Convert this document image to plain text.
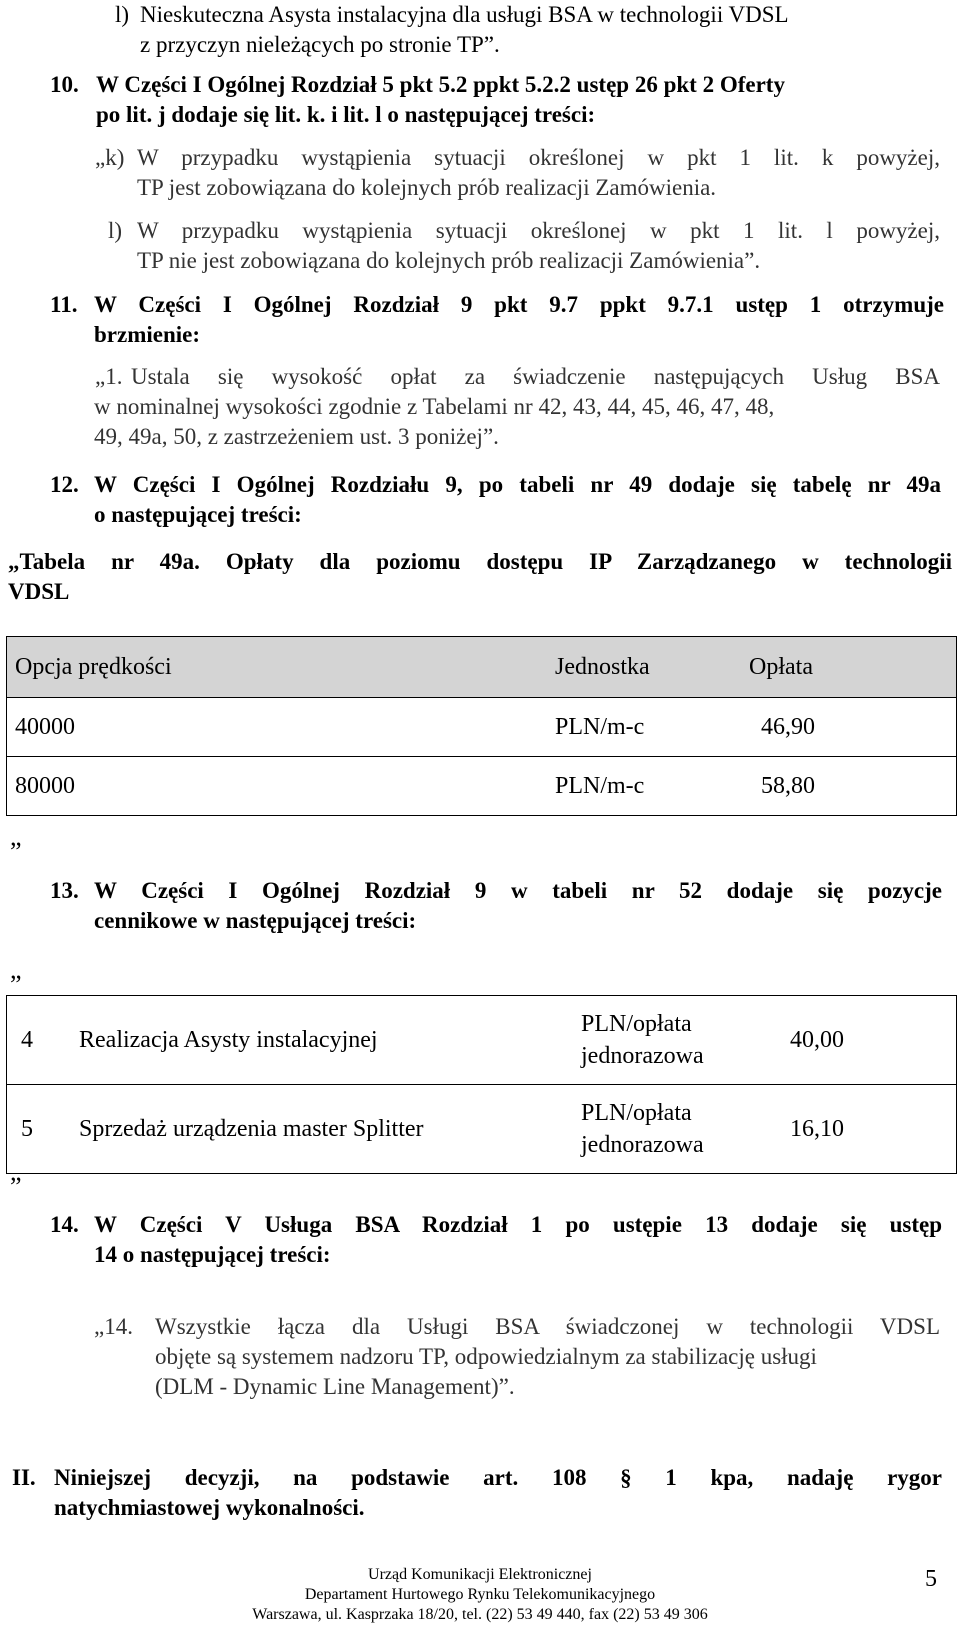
l) Nieskuteczna Asysta instalacyjna dla usługi BSA w technologii VDSL
z przyczyn nieleżących po stronie TP”.
10. W Części I Ogólnej Rozdział 5 pkt 5.2 ppkt 5.2.2 ustęp 26 pkt 2 Oferty
po lit. j dodaje się lit. k. i lit. l o następującej treści:
„k) W przypadku wystąpienia sytuacji określonej w pkt 1 lit. k powyżej,
TP jest zobowiązana do kolejnych prób realizacji Zamówienia.
l) W przypadku wystąpienia sytuacji określonej w pkt 1 lit. l powyżej,
TP nie jest zobowiązana do kolejnych prób realizacji Zamówienia”.
11. W Części I Ogólnej Rozdział 9 pkt 9.7 ppkt 9.7.1 ustęp 1 otrzymuje
brzmienie:
„1. Ustala się wysokość opłat za świadczenie następujących Usług BSA
w nominalnej wysokości zgodnie z Tabelami nr 42, 43, 44, 45, 46, 47, 48,
49, 49a, 50, z zastrzeżeniem ust. 3 poniżej”.
12. W Części I Ogólnej Rozdziału 9, po tabeli nr 49 dodaje się tabelę nr 49a
o następującej treści:
„Tabela nr 49a. Opłaty dla poziomu dostępu IP Zarządzanego w technologii
VDSL
Opcja prędkości	Jednostka	Opłata
40000	PLN/m-c	46,90
80000	PLN/m-c	58,80
”
13. W Części I Ogólnej Rozdział 9 w tabeli nr 52 dodaje się pozycje
cennikowe w następującej treści:
„
4	Realizacja Asysty instalacyjnej	PLN/opłata jednorazowa	40,00
5	Sprzedaż urządzenia master Splitter	PLN/opłata jednorazowa	16,10
”
14. W Części V Usługa BSA Rozdział 1 po ustępie 13 dodaje się ustęp
14 o następującej treści:
„14. Wszystkie łącza dla Usługi BSA świadczonej w technologii VDSL
objęte są systemem nadzoru TP, odpowiedzialnym za stabilizację usługi
(DLM - Dynamic Line Management)”.
II. Niniejszej decyzji, na podstawie art. 108 § 1 kpa, nadaję rygor
natychmiastowej wykonalności.
Urząd Komunikacji Elektronicznej
Departament Hurtowego Rynku Telekomunikacyjnego
Warszawa, ul. Kasprzaka 18/20, tel. (22) 53 49 440, fax (22) 53 49 306
5
